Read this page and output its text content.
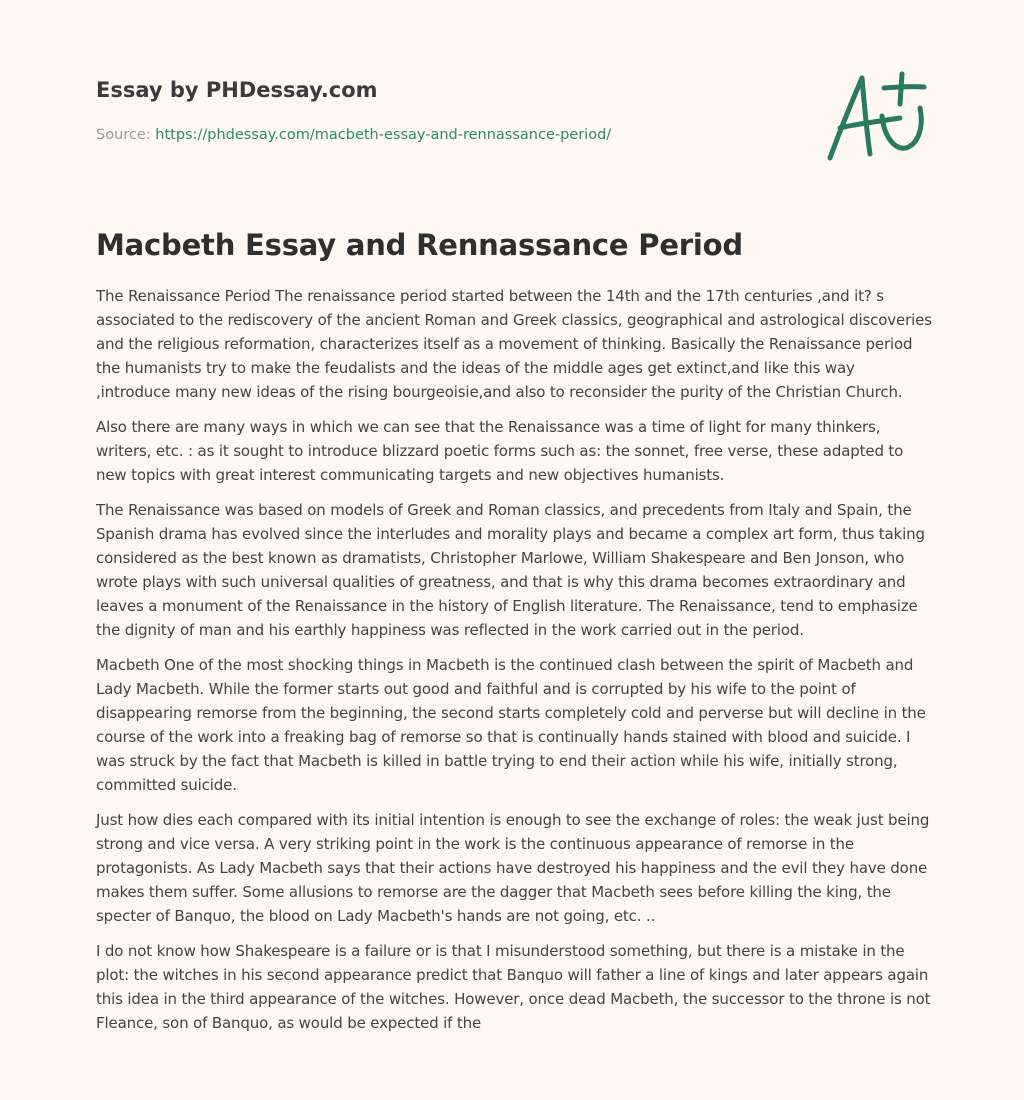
Essay by PHDessay.com
Source: https://phdessay.com/macbeth-essay-and-rennassance-period/
Macbeth Essay and Rennassance Period

The Renaissance Period The renaissance period started between the 14th and the 17th centuries ,and it? s associated to the rediscovery of the ancient Roman and Greek classics, geographical and astrological discoveries and the religious reformation, characterizes itself as a movement of thinking. Basically the Renaissance period the humanists try to make the feudalists and the ideas of the middle ages get extinct,and like this way ,introduce many new ideas of the rising bourgeoisie,and also to reconsider the purity of the Christian Church.

Also there are many ways in which we can see that the Renaissance was a time of light for many thinkers, writers, etc. : as it sought to introduce blizzard poetic forms such as: the sonnet, free verse, these adapted to new topics with great interest communicating targets and new objectives humanists.

The Renaissance was based on models of Greek and Roman classics, and precedents from Italy and Spain, the Spanish drama has evolved since the interludes and morality plays and became a complex art form, thus taking considered as the best known as dramatists, Christopher Marlowe, William Shakespeare and Ben Jonson, who wrote plays with such universal qualities of greatness, and that is why this drama becomes extraordinary and leaves a monument of the Renaissance in the history of English literature. The Renaissance, tend to emphasize the dignity of man and his earthly happiness was reflected in the work carried out in the period.

Macbeth One of the most shocking things in Macbeth is the continued clash between the spirit of Macbeth and Lady Macbeth. While the former starts out good and faithful and is corrupted by his wife to the point of disappearing remorse from the beginning, the second starts completely cold and perverse but will decline in the course of the work into a freaking bag of remorse so that is continually hands stained with blood and suicide. I was struck by the fact that Macbeth is killed in battle trying to end their action while his wife, initially strong, committed suicide.

Just how dies each compared with its initial intention is enough to see the exchange of roles: the weak just being strong and vice versa. A very striking point in the work is the continuous appearance of remorse in the protagonists. As Lady Macbeth says that their actions have destroyed his happiness and the evil they have done makes them suffer. Some allusions to remorse are the dagger that Macbeth sees before killing the king, the specter of Banquo, the blood on Lady Macbeth's hands are not going, etc. ..

I do not know how Shakespeare is a failure or is that I misunderstood something, but there is a mistake in the plot: the witches in his second appearance predict that Banquo will father a line of kings and later appears again this idea in the third appearance of the witches. However, once dead Macbeth, the successor to the throne is not Fleance, son of Banquo, as would be expected if the
